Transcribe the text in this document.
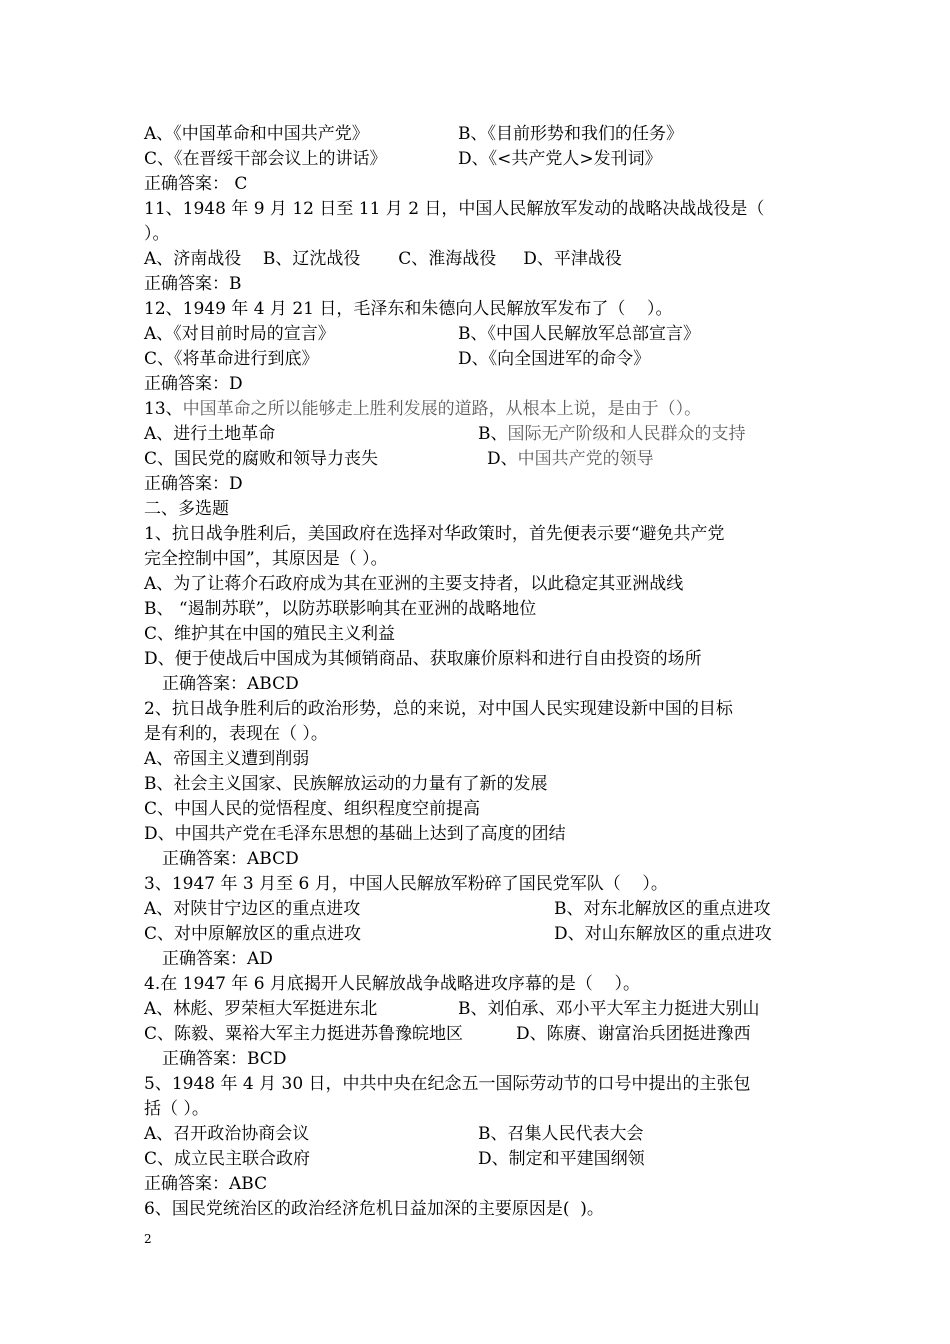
A、《中国革命和中国共产党》	B、《目前形势和我们的任务》
C、《在晋绥干部会议上的讲话》	D、《<共产党人>发刊词》
正确答案： C
11、1948 年 9 月 12 日至 11 月 2 日，中国人民解放军发动的战略决战战役是（
）。
A、济南战役    B、辽沈战役       C、淮海战役     D、平津战役
正确答案：B
12、1949 年 4 月 21 日，毛泽东和朱德向人民解放军发布了（    ）。
A、《对目前时局的宣言》	B、《中国人民解放军总部宣言》
C、《将革命进行到底》	D、《向全国进军的命令》
正确答案：D
13、中国革命之所以能够走上胜利发展的道路，从根本上说，是由于（）。
A、进行土地革命	B、国际无产阶级和人民群众的支持
C、国民党的腐败和领导力丧失	D、中国共产党的领导
正确答案：D
二、多选题
1、抗日战争胜利后，美国政府在选择对华政策时，首先便表示要“避免共产党
完全控制中国”，其原因是（ ）。
A、为了让蒋介石政府成为其在亚洲的主要支持者，以此稳定其亚洲战线
B、 “遏制苏联”，以防苏联影响其在亚洲的战略地位
C、维护其在中国的殖民主义利益
D、便于使战后中国成为其倾销商品、获取廉价原料和进行自由投资的场所
正确答案：ABCD
2、抗日战争胜利后的政治形势，总的来说，对中国人民实现建设新中国的目标
是有利的，表现在（ ）。
A、帝国主义遭到削弱
B、社会主义国家、民族解放运动的力量有了新的发展
C、中国人民的觉悟程度、组织程度空前提高
D、中国共产党在毛泽东思想的基础上达到了高度的团结
正确答案：ABCD
3、1947 年 3 月至 6 月，中国人民解放军粉碎了国民党军队（    ）。
A、对陕甘宁边区的重点进攻	B、对东北解放区的重点进攻
C、对中原解放区的重点进攻	D、对山东解放区的重点进攻
正确答案：AD
4.在 1947 年 6 月底揭开人民解放战争战略进攻序幕的是（    ）。
A、林彪、罗荣桓大军挺进东北	B、刘伯承、邓小平大军主力挺进大别山
C、陈毅、粟裕大军主力挺进苏鲁豫皖地区	D、陈赓、谢富治兵团挺进豫西
正确答案：BCD
5、1948 年 4 月 30 日，中共中央在纪念五一国际劳动节的口号中提出的主张包
括（ ）。
A、召开政治协商会议	B、召集人民代表大会
C、成立民主联合政府	D、制定和平建国纲领
正确答案：ABC
6、国民党统治区的政治经济危机日益加深的主要原因是(  )。
2
